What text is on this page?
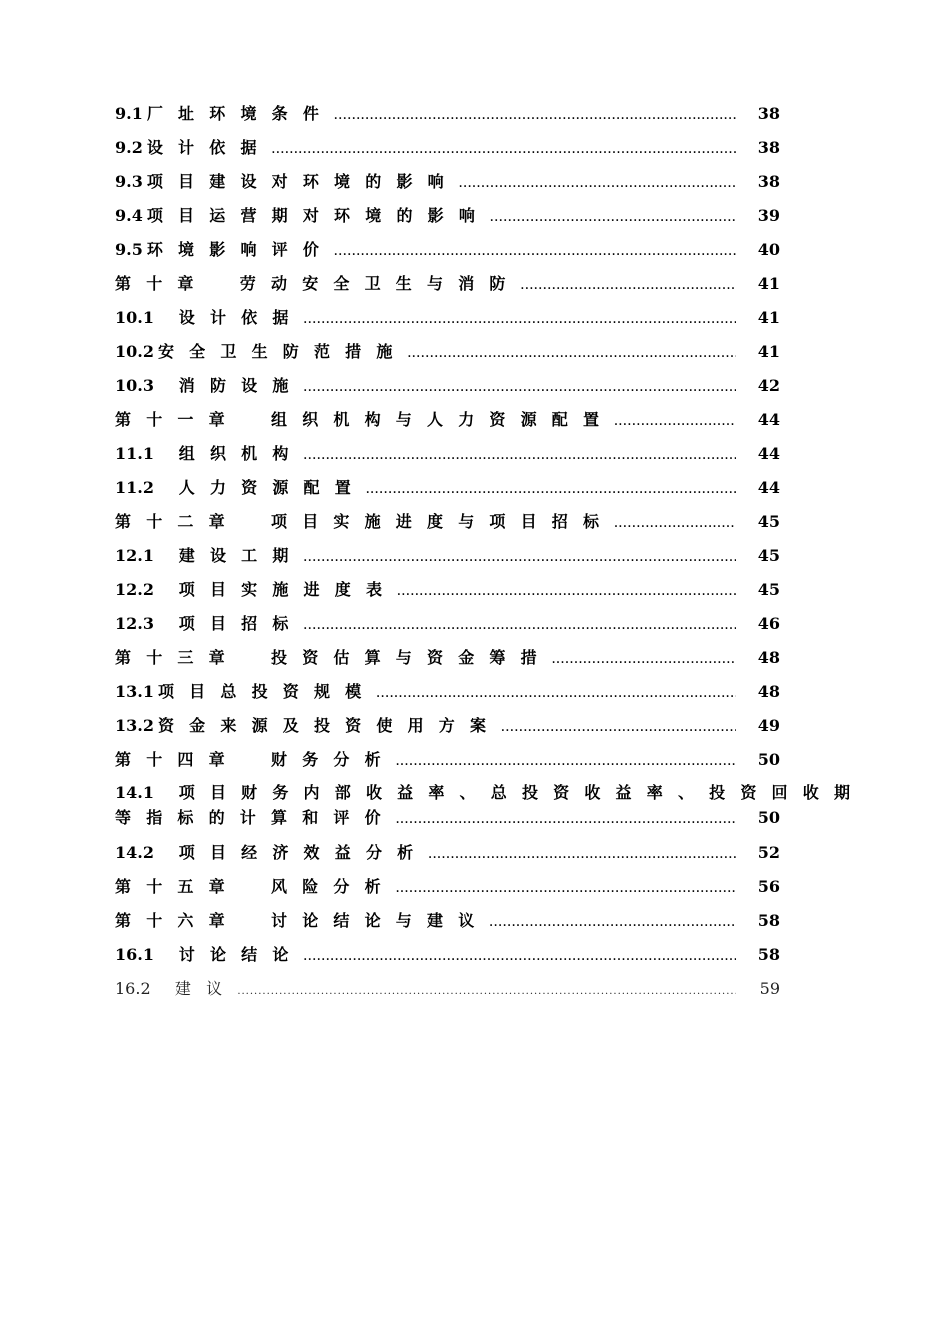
9.1 厂址环境条件 .....	38
9.2 设计依据 .....	38
9.3 项目建设对环境的影响 .....	38
9.4 项目运营期对环境的影响 .....	39
9.5 环境影响评价 .....	40
第十章　劳动安全卫生与消防 .....	41
10.1 设计依据 .....	41
10.2 安全卫生防范措施 .....	41
10.3 消防设施 .....	42
第十一章　组织机构与人力资源配置 .....	44
11.1 组织机构 .....	44
11.2 人力资源配置 .....	44
第十二章　项目实施进度与项目招标 .....	45
12.1 建设工期 .....	45
12.2 项目实施进度表 .....	45
12.3 项目招标 .....	46
第十三章　投资估算与资金筹措 .....	48
13.1 项目总投资规模 .....	48
13.2 资金来源及投资使用方案 .....	49
第十四章　财务分析 .....	50
14.1 项目财务内部收益率、总投资收益率、投资回收期
等指标的计算和评价 .....	50
14.2 项目经济效益分析 .....	52
第十五章　风险分析 .....	56
第十六章　讨论结论与建议 .....	58
16.1 讨论结论 .....	58
16.2 建议 .....	59
